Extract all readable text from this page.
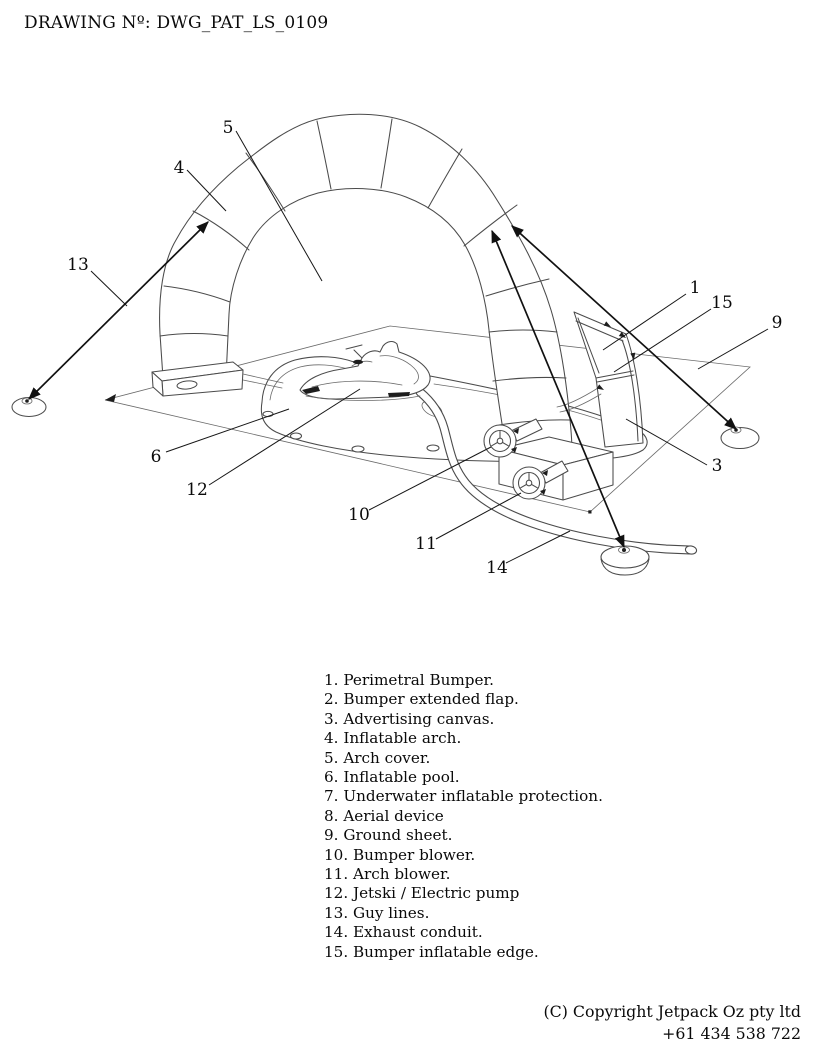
DRAWING Nº: DWG_PAT_LS_0109
5
4
13
1
15
9
3
6
12
10
11
14
1. Perimetral Bumper.
2. Bumper extended flap.
3. Advertising canvas.
4. Inflatable arch.
5. Arch cover.
6. Inflatable pool.
7. Underwater inflatable protection.
8. Aerial device
9. Ground sheet.
10. Bumper blower.
11. Arch blower.
12. Jetski / Electric pump
13. Guy lines.
14. Exhaust conduit.
15. Bumper inflatable edge.
(C) Copyright Jetpack Oz pty ltd
+61 434 538 722
